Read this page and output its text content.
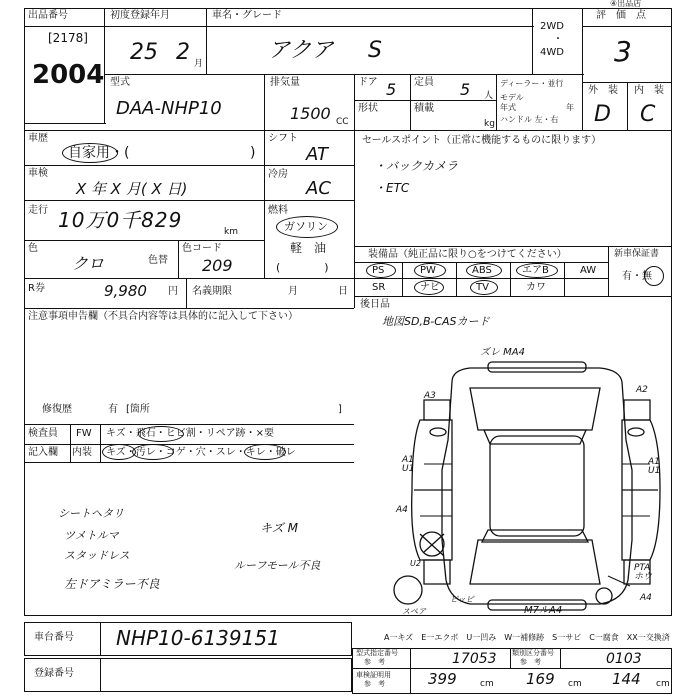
④出品店
出品番号
[2178]
2004
初度登録年月
25 2 月
車名・グレード
アクア S
2WD
・
4WD
評　価　点
3
型式
DAA-NHP10
排気量
1500 CC
ドア 5 定員 5 人
形状	積載
kg
ディーラー・並行
モデル
年式	年
ハンドル 左・右
外　装 内　装
D C
車歴
自家用・(	)
車検
X 年 X 月( X 日)
走行 10万0千829	km
色
クロ	色替
色コード
209
シフト
AT
冷房
AC
燃料
ガソリン
軽　油
(　　　　)
R券	9,980 円 名義期限	月	日
注意事項申告欄（不具合内容等は具体的に記入して下さい）
修復歴	有 [箇所	]
検査員
記入欄
FW キズ・飛石・ヒビ割・リペア跡・×要
内装 キズ・汚レ・コゲ・穴・スレ・キレ・破レ
シートヘタリ
ツメトルマ
スタッドレス
キズ M
ルーフモール不良
左ドアミラー不良
セールスポイント（正常に機能するものに限ります）
・バックカメラ
・ETC
装備品（純正品に限り○をつけてください）	新車保証書
有・無
PS	PW	ABS	エアB	AW
SR	ナビ	TV	カワ
後日品
地図SD,B-CASカード
ズレ MA4
M7ルA4
A3
A2
A1
U1
A1
U1
A4
PTA
ホウ
A4
スペア
ピッピ
U2
A一キズ　E一エクボ　U一凹み　W一補修跡　S一サビ　C一腐食　XX一交換済
車台番号 NHP10-6139151
登録番号
型式指定番号
参　考	17053 類別区分番号
参　考	0103
車検証明用
参　考	399	cm 169 cm 144 cm
